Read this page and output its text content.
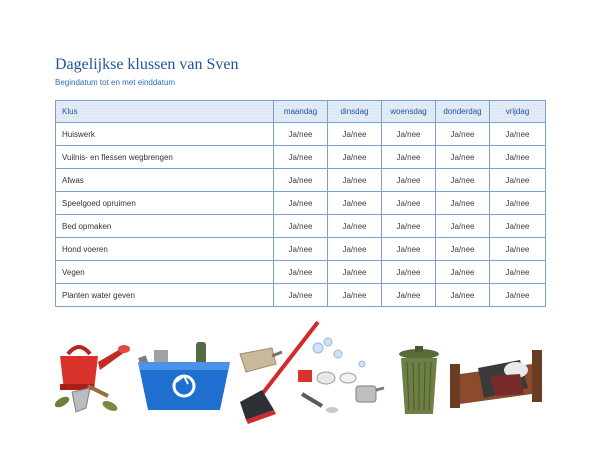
Dagelijkse klussen van Sven

Begindatum tot en met einddatum

Klus	maandag	dinsdag	woensdag	donderdag	vrijdag
Huiswerk	Ja/nee	Ja/nee	Ja/nee	Ja/nee	Ja/nee
Vuilnis- en flessen wegbrengen	Ja/nee	Ja/nee	Ja/nee	Ja/nee	Ja/nee
Afwas	Ja/nee	Ja/nee	Ja/nee	Ja/nee	Ja/nee
Speelgoed opruimen	Ja/nee	Ja/nee	Ja/nee	Ja/nee	Ja/nee
Bed opmaken	Ja/nee	Ja/nee	Ja/nee	Ja/nee	Ja/nee
Hond voeren	Ja/nee	Ja/nee	Ja/nee	Ja/nee	Ja/nee
Vegen	Ja/nee	Ja/nee	Ja/nee	Ja/nee	Ja/nee
Planten water geven	Ja/nee	Ja/nee	Ja/nee	Ja/nee	Ja/nee
